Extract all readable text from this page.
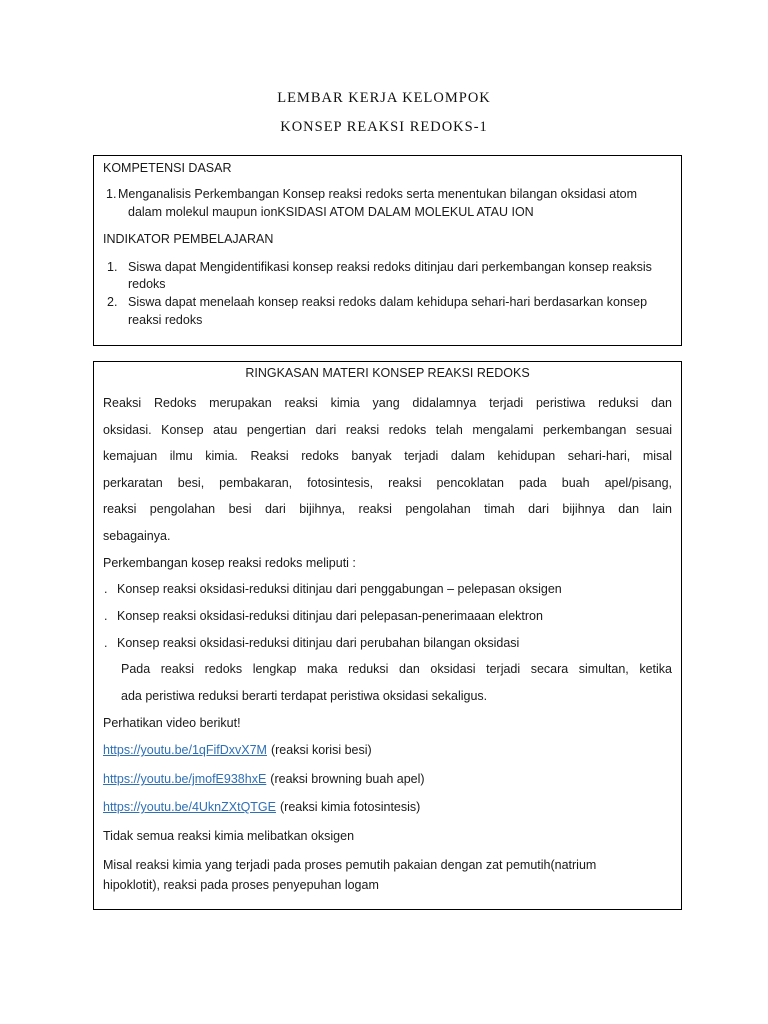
LEMBAR KERJA KELOMPOK
KONSEP REAKSI REDOKS-1
KOMPETENSI DASAR
1. Menganalisis Perkembangan Konsep reaksi redoks serta menentukan bilangan oksidasi atom
dalam molekul maupun ionKSIDASI ATOM DALAM MOLEKUL ATAU ION
INDIKATOR PEMBELAJARAN
1. Siswa dapat Mengidentifikasi konsep reaksi redoks ditinjau dari perkembangan konsep reaksis
redoks
2. Siswa dapat menelaah konsep reaksi redoks dalam kehidupa sehari-hari berdasarkan konsep
reaksi redoks
RINGKASAN MATERI KONSEP REAKSI REDOKS
Reaksi Redoks merupakan reaksi kimia yang didalamnya terjadi peristiwa reduksi dan
oksidasi. Konsep atau pengertian dari reaksi redoks telah mengalami perkembangan sesuai
kemajuan ilmu kimia. Reaksi redoks banyak terjadi dalam kehidupan sehari-hari, misal
perkaratan besi, pembakaran, fotosintesis, reaksi pencoklatan pada buah apel/pisang,
reaksi pengolahan besi dari bijihnya, reaksi pengolahan timah dari bijihnya dan lain
sebagainya.
Perkembangan kosep reaksi redoks meliputi :
. Konsep reaksi oksidasi-reduksi ditinjau dari penggabungan – pelepasan oksigen
. Konsep reaksi oksidasi-reduksi ditinjau dari pelepasan-penerimaaan elektron
. Konsep reaksi oksidasi-reduksi ditinjau dari perubahan bilangan oksidasi
Pada reaksi redoks lengkap maka reduksi dan oksidasi terjadi secara simultan, ketika
ada peristiwa reduksi berarti terdapat peristiwa oksidasi sekaligus.
Perhatikan video berikut!
https://youtu.be/1qFifDxvX7M (reaksi korisi besi)
https://youtu.be/jmofE938hxE (reaksi browning buah apel)
https://youtu.be/4UknZXtQTGE (reaksi kimia fotosintesis)
Tidak semua reaksi kimia melibatkan oksigen
Misal reaksi kimia yang terjadi pada proses pemutih pakaian dengan zat pemutih(natrium
hipoklotit), reaksi pada proses penyepuhan logam
